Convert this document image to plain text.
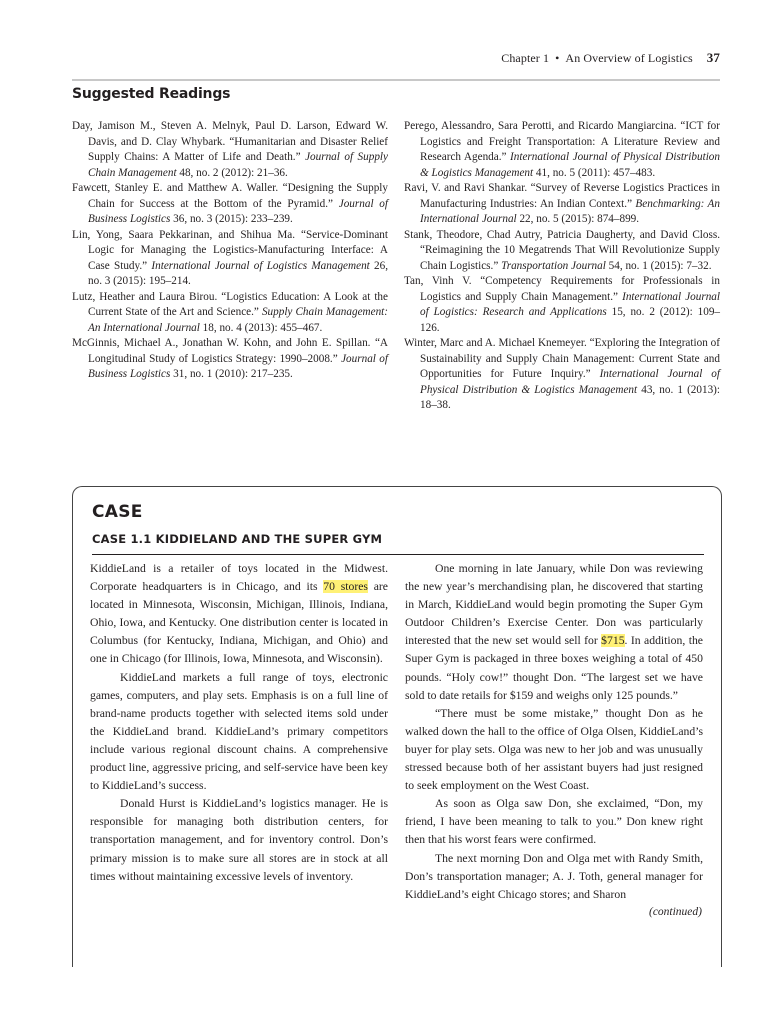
Chapter 1 • An Overview of Logistics 37
Suggested Readings

Day, Jamison M., Steven A. Melnyk, Paul D. Larson, Edward W. Davis, and D. Clay Whybark. “Humanitarian and Disaster Relief Supply Chains: A Matter of Life and Death.” Journal of Supply Chain Management 48, no. 2 (2012): 21–36.

Fawcett, Stanley E. and Matthew A. Waller. “Designing the Supply Chain for Success at the Bottom of the Pyramid.” Journal of Business Logistics 36, no. 3 (2015): 233–239.

Lin, Yong, Saara Pekkarinan, and Shihua Ma. “Service-Dominant Logic for Managing the Logistics-Manufacturing Interface: A Case Study.” International Journal of Logistics Management 26, no. 3 (2015): 195–214.

Lutz, Heather and Laura Birou. “Logistics Education: A Look at the Current State of the Art and Science.” Supply Chain Management: An International Journal 18, no. 4 (2013): 455–467.

McGinnis, Michael A., Jonathan W. Kohn, and John E. Spillan. “A Longitudinal Study of Logistics Strategy: 1990–2008.” Journal of Business Logistics 31, no. 1 (2010): 217–235.

Perego, Alessandro, Sara Perotti, and Ricardo Mangiarcina. “ICT for Logistics and Freight Transportation: A Literature Review and Research Agenda.” International Journal of Physical Distribution & Logistics Management 41, no. 5 (2011): 457–483.

Ravi, V. and Ravi Shankar. “Survey of Reverse Logistics Practices in Manufacturing Industries: An Indian Context.” Benchmarking: An International Journal 22, no. 5 (2015): 874–899.

Stank, Theodore, Chad Autry, Patricia Daugherty, and David Closs. “Reimagining the 10 Megatrends That Will Revolutionize Supply Chain Logistics.” Transportation Journal 54, no. 1 (2015): 7–32.

Tan, Vinh V. “Competency Requirements for Professionals in Logistics and Supply Chain Management.” International Journal of Logistics: Research and Applications 15, no. 2 (2012): 109–126.

Winter, Marc and A. Michael Knemeyer. “Exploring the Integration of Sustainability and Supply Chain Management: Current State and Opportunities for Future Inquiry.” International Journal of Physical Distribution & Logistics Management 43, no. 1 (2013): 18–38.

CASE
CASE 1.1 KIDDIELAND AND THE SUPER GYM

KiddieLand is a retailer of toys located in the Midwest. Corporate headquarters is in Chicago, and its 70 stores are located in Minnesota, Wisconsin, Michigan, Illinois, Indiana, Ohio, Iowa, and Kentucky. One distribution center is located in Columbus (for Kentucky, Indiana, Michigan, and Ohio) and one in Chicago (for Illinois, Iowa, Minnesota, and Wisconsin).

KiddieLand markets a full range of toys, electronic games, computers, and play sets. Emphasis is on a full line of brand-name products together with selected items sold under the KiddieLand brand. KiddieLand’s primary competitors include various regional discount chains. A comprehensive product line, aggressive pricing, and self-service have been key to KiddieLand’s success.

Donald Hurst is KiddieLand’s logistics manager. He is responsible for managing both distribution centers, for transportation management, and for inventory control. Don’s primary mission is to make sure all stores are in stock at all times without maintaining excessive levels of inventory.

One morning in late January, while Don was reviewing the new year’s merchandising plan, he discovered that starting in March, KiddieLand would begin promoting the Super Gym Outdoor Children’s Exercise Center. Don was particularly interested that the new set would sell for $715. In addition, the Super Gym is packaged in three boxes weighing a total of 450 pounds. “Holy cow!” thought Don. “The largest set we have sold to date retails for $159 and weighs only 125 pounds.”

“There must be some mistake,” thought Don as he walked down the hall to the office of Olga Olsen, KiddieLand’s buyer for play sets. Olga was new to her job and was unusually stressed because both of her assistant buyers had just resigned to seek employment on the West Coast.

As soon as Olga saw Don, she exclaimed, “Don, my friend, I have been meaning to talk to you.” Don knew right then that his worst fears were confirmed.

The next morning Don and Olga met with Randy Smith, Don’s transportation manager; A. J. Toth, general manager for KiddieLand’s eight Chicago stores; and Sharon

(continued)
